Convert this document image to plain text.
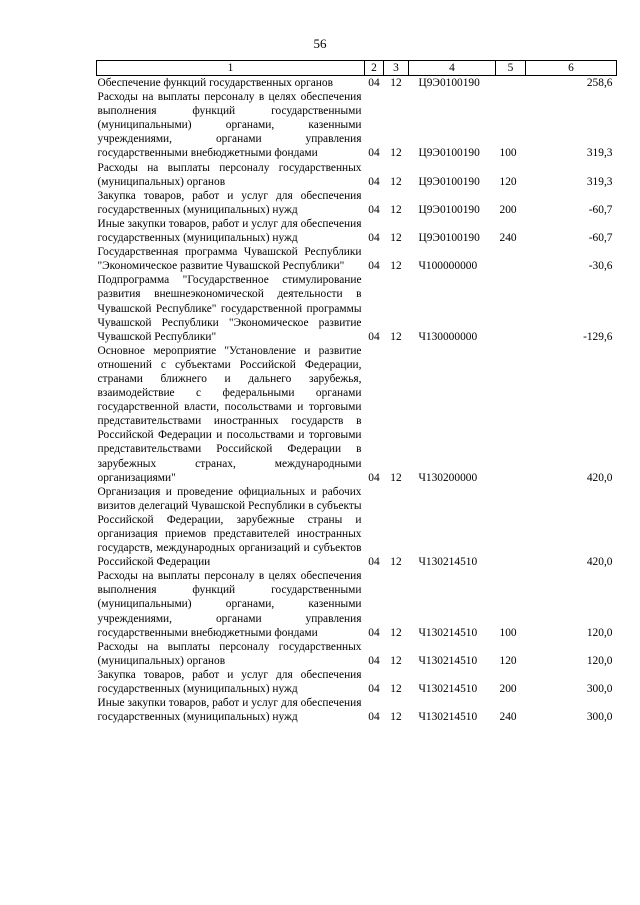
56
1	2	3	4	5	6
Обеспечение функций государственных органов	04	12	Ц9Э0100190		258,6
Расходы на выплаты персоналу в целях обеспечения выполнения функций государственными (муниципальными) органами, казенными учреждениями, органами управления государственными внебюджетными фондами	04	12	Ц9Э0100190	100	319,3
Расходы на выплаты персоналу государственных (муниципальных) органов	04	12	Ц9Э0100190	120	319,3
Закупка товаров, работ и услуг для обеспечения государственных (муниципальных) нужд	04	12	Ц9Э0100190	200	-60,7
Иные закупки товаров, работ и услуг для обеспечения государственных (муниципальных) нужд	04	12	Ц9Э0100190	240	-60,7
Государственная программа Чувашской Республики "Экономическое развитие Чувашской Республики"	04	12	Ч100000000		-30,6
Подпрограмма "Государственное стимулирование развития внешнеэкономической деятельности в Чувашской Республике" государственной программы Чувашской Республики "Экономическое развитие Чувашской Республики"	04	12	Ч130000000		-129,6
Основное мероприятие "Установление и развитие отношений с субъектами Российской Федерации, странами ближнего и дальнего зарубежья, взаимодействие с федеральными органами государственной власти, посольствами и торговыми представительствами иностранных государств в Российской Федерации и посольствами и торговыми представительствами Российской Федерации в зарубежных странах, международными организациями"	04	12	Ч130200000		420,0
Организация и проведение официальных и рабочих визитов делегаций Чувашской Республики в субъекты Российской Федерации, зарубежные страны и организация приемов представителей иностранных государств, международных организаций и субъектов Российской Федерации	04	12	Ч130214510		420,0
Расходы на выплаты персоналу в целях обеспечения выполнения функций государственными (муниципальными) органами, казенными учреждениями, органами управления государственными внебюджетными фондами	04	12	Ч130214510	100	120,0
Расходы на выплаты персоналу государственных (муниципальных) органов	04	12	Ч130214510	120	120,0
Закупка товаров, работ и услуг для обеспечения государственных (муниципальных) нужд	04	12	Ч130214510	200	300,0
Иные закупки товаров, работ и услуг для обеспечения государственных (муниципальных) нужд	04	12	Ч130214510	240	300,0
